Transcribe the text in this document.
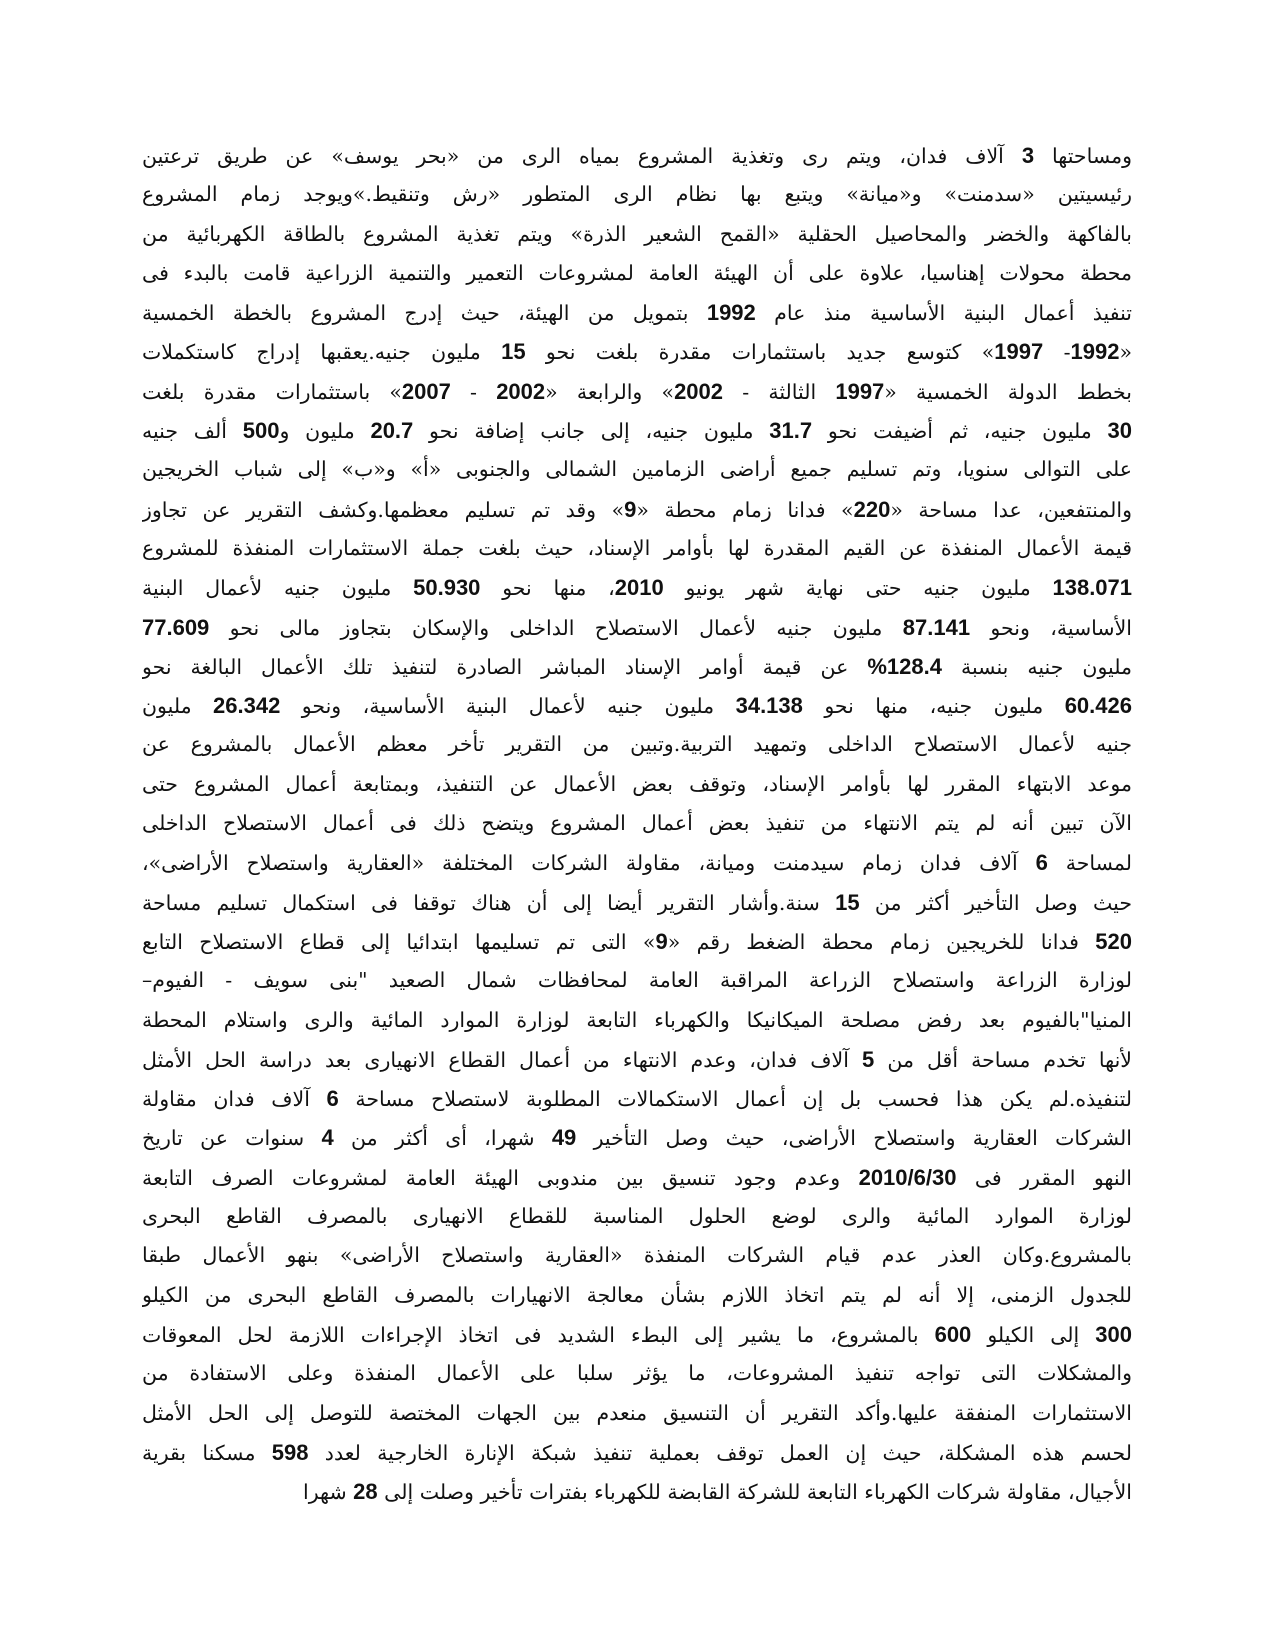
ومساحتها 3 آلاف فدان، ويتم رى وتغذية المشروع بمياه الرى من «بحر يوسف» عن طريق ترعتين
رئيسيتين «سدمنت» و«ميانة» ويتبع بها نظام الرى المتطور «رش وتنقيط.»ويوجد زمام المشروع
بالفاكهة والخضر والمحاصيل الحقلية «القمح الشعير الذرة» ويتم تغذية المشروع بالطاقة الكهربائية من
محطة محولات إهناسيا، علاوة على أن الهيئة العامة لمشروعات التعمير والتنمية الزراعية قامت بالبدء فى
تنفيذ أعمال البنية الأساسية منذ عام 1992 بتمويل من الهيئة، حيث إدرج المشروع بالخطة الخمسية
«1992- 1997» كتوسع جديد باستثمارات مقدرة بلغت نحو 15 مليون جنيه.يعقبها إدراج كاستكملات
بخطط الدولة الخمسية «1997 الثالثة - 2002» والرابعة «2002 - 2007» باستثمارات مقدرة بلغت
30 مليون جنيه، ثم أضيفت نحو 31.7 مليون جنيه، إلى جانب إضافة نحو 20.7 مليون و500 ألف جنيه
على التوالى سنويا، وتم تسليم جميع أراضى الزمامين الشمالى والجنوبى «أ» و«ب» إلى شباب الخريجين
والمنتفعين، عدا مساحة «220» فدانا زمام محطة «9» وقد تم تسليم معظمها.وكشف التقرير عن تجاوز
قيمة الأعمال المنفذة عن القيم المقدرة لها بأوامر الإسناد، حيث بلغت جملة الاستثمارات المنفذة للمشروع
138.071 مليون جنيه حتى نهاية شهر يونيو 2010، منها نحو 50.930 مليون جنيه لأعمال البنية
الأساسية، ونحو 87.141 مليون جنيه لأعمال الاستصلاح الداخلى والإسكان بتجاوز مالى نحو 77.609
مليون جنيه بنسبة 128.4% عن قيمة أوامر الإسناد المباشر الصادرة لتنفيذ تلك الأعمال البالغة نحو
60.426 مليون جنيه، منها نحو 34.138 مليون جنيه لأعمال البنية الأساسية، ونحو 26.342 مليون
جنيه لأعمال الاستصلاح الداخلى وتمهيد التربية.وتبين من التقرير تأخر معظم الأعمال بالمشروع عن
موعد الابتهاء المقرر لها بأوامر الإسناد، وتوقف بعض الأعمال عن التنفيذ، وبمتابعة أعمال المشروع حتى
الآن تبين أنه لم يتم الانتهاء من تنفيذ بعض أعمال المشروع ويتضح ذلك فى أعمال الاستصلاح الداخلى
لمساحة 6 آلاف فدان زمام سيدمنت وميانة، مقاولة الشركات المختلفة «العقارية واستصلاح الأراضى»،
حيث وصل التأخير أكثر من 15 سنة.وأشار التقرير أيضا إلى أن هناك توقفا فى استكمال تسليم مساحة
520 فدانا للخريجين زمام محطة الضغط رقم «9» التى تم تسليمها ابتدائيا إلى قطاع الاستصلاح التابع
لوزارة الزراعة واستصلاح الزراعة المراقبة العامة لمحافظات شمال الصعيد "بنى سويف - الفيوم–
المنيا"بالفيوم بعد رفض مصلحة الميكانيكا والكهرباء التابعة لوزارة الموارد المائية والرى واستلام المحطة
لأنها تخدم مساحة أقل من 5 آلاف فدان، وعدم الانتهاء من أعمال القطاع الانهيارى بعد دراسة الحل الأمثل
لتنفيذه.لم يكن هذا فحسب بل إن أعمال الاستكمالات المطلوبة لاستصلاح مساحة 6 آلاف فدان مقاولة
الشركات العقارية واستصلاح الأراضى، حيث وصل التأخير 49 شهرا، أى أكثر من 4 سنوات عن تاريخ
النهو المقرر فى 2010/6/30 وعدم وجود تنسيق بين مندوبى الهيئة العامة لمشروعات الصرف التابعة
لوزارة الموارد المائية والرى لوضع الحلول المناسبة للقطاع الانهيارى بالمصرف القاطع البحرى
بالمشروع.وكان العذر عدم قيام الشركات المنفذة «العقارية واستصلاح الأراضى» بنهو الأعمال طبقا
للجدول الزمنى، إلا أنه لم يتم اتخاذ اللازم بشأن معالجة الانهيارات بالمصرف القاطع البحرى من الكيلو
300 إلى الكيلو 600 بالمشروع، ما يشير إلى البطء الشديد فى اتخاذ الإجراءات اللازمة لحل المعوقات
والمشكلات التى تواجه تنفيذ المشروعات، ما يؤثر سلبا على الأعمال المنفذة وعلى الاستفادة من
الاستثمارات المنفقة عليها.وأكد التقرير أن التنسيق منعدم بين الجهات المختصة للتوصل إلى الحل الأمثل
لحسم هذه المشكلة، حيث إن العمل توقف بعملية تنفيذ شبكة الإنارة الخارجية لعدد 598 مسكنا بقرية
الأجيال، مقاولة شركات الكهرباء التابعة للشركة القابضة للكهرباء بفترات تأخير وصلت إلى 28 شهرا
